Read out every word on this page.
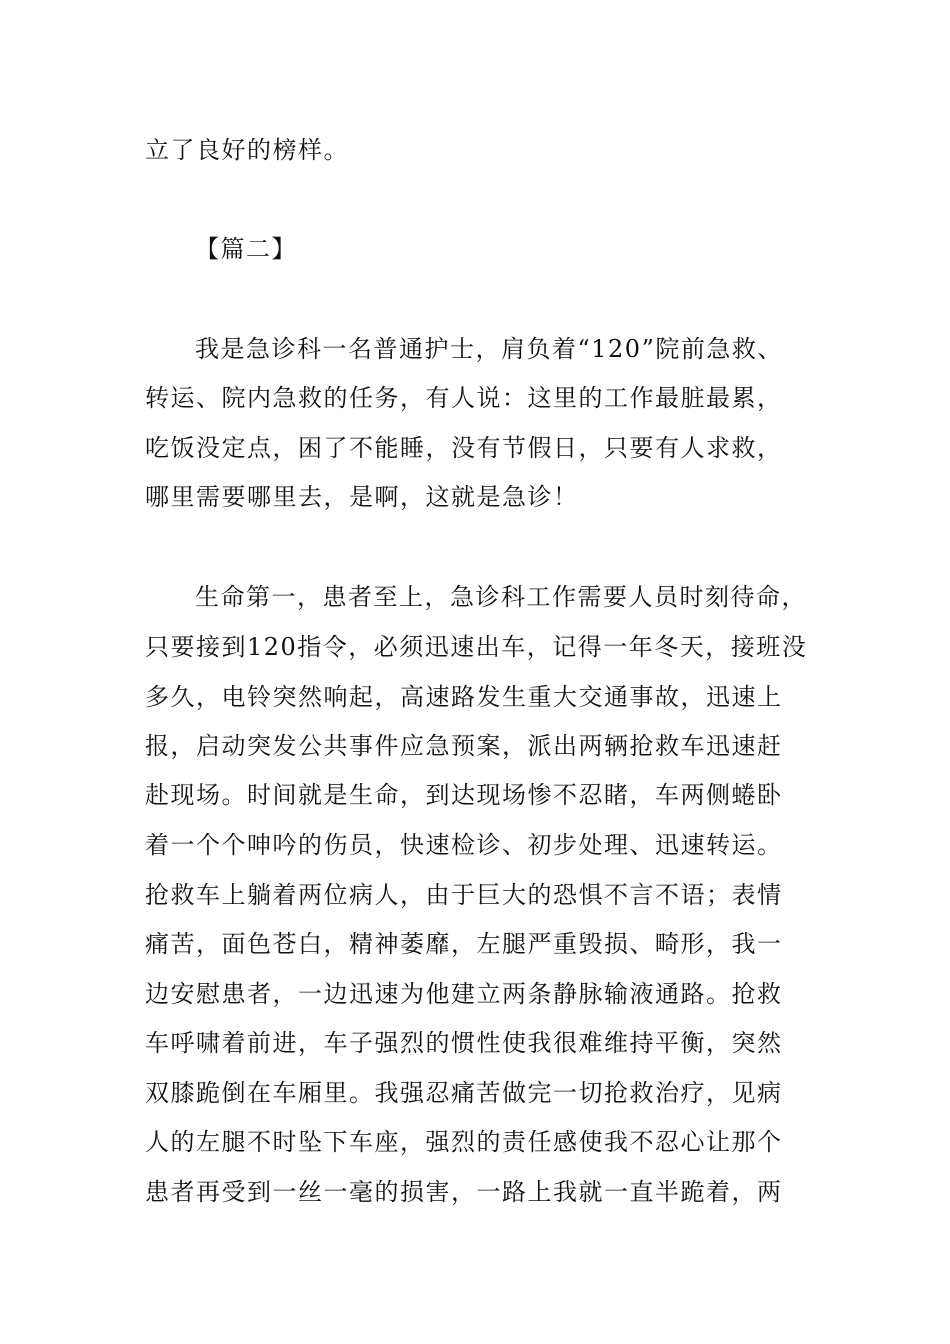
立了良好的榜样。
【篇二】
我是急诊科一名普通护士，肩负着“120”院前急救、
转运、院内急救的任务，有人说：这里的工作最脏最累，
吃饭没定点，困了不能睡，没有节假日，只要有人求救，
哪里需要哪里去，是啊，这就是急诊！
生命第一，患者至上，急诊科工作需要人员时刻待命，
只要接到120指令，必须迅速出车，记得一年冬天，接班没
多久，电铃突然响起，高速路发生重大交通事故，迅速上
报，启动突发公共事件应急预案，派出两辆抢救车迅速赶
赴现场。时间就是生命，到达现场惨不忍睹，车两侧蜷卧
着一个个呻吟的伤员，快速检诊、初步处理、迅速转运。
抢救车上躺着两位病人，由于巨大的恐惧不言不语；表情
痛苦，面色苍白，精神萎靡，左腿严重毁损、畸形，我一
边安慰患者，一边迅速为他建立两条静脉输液通路。抢救
车呼啸着前进，车子强烈的惯性使我很难维持平衡，突然
双膝跪倒在车厢里。我强忍痛苦做完一切抢救治疗，见病
人的左腿不时坠下车座，强烈的责任感使我不忍心让那个
患者再受到一丝一毫的损害，一路上我就一直半跪着，两
